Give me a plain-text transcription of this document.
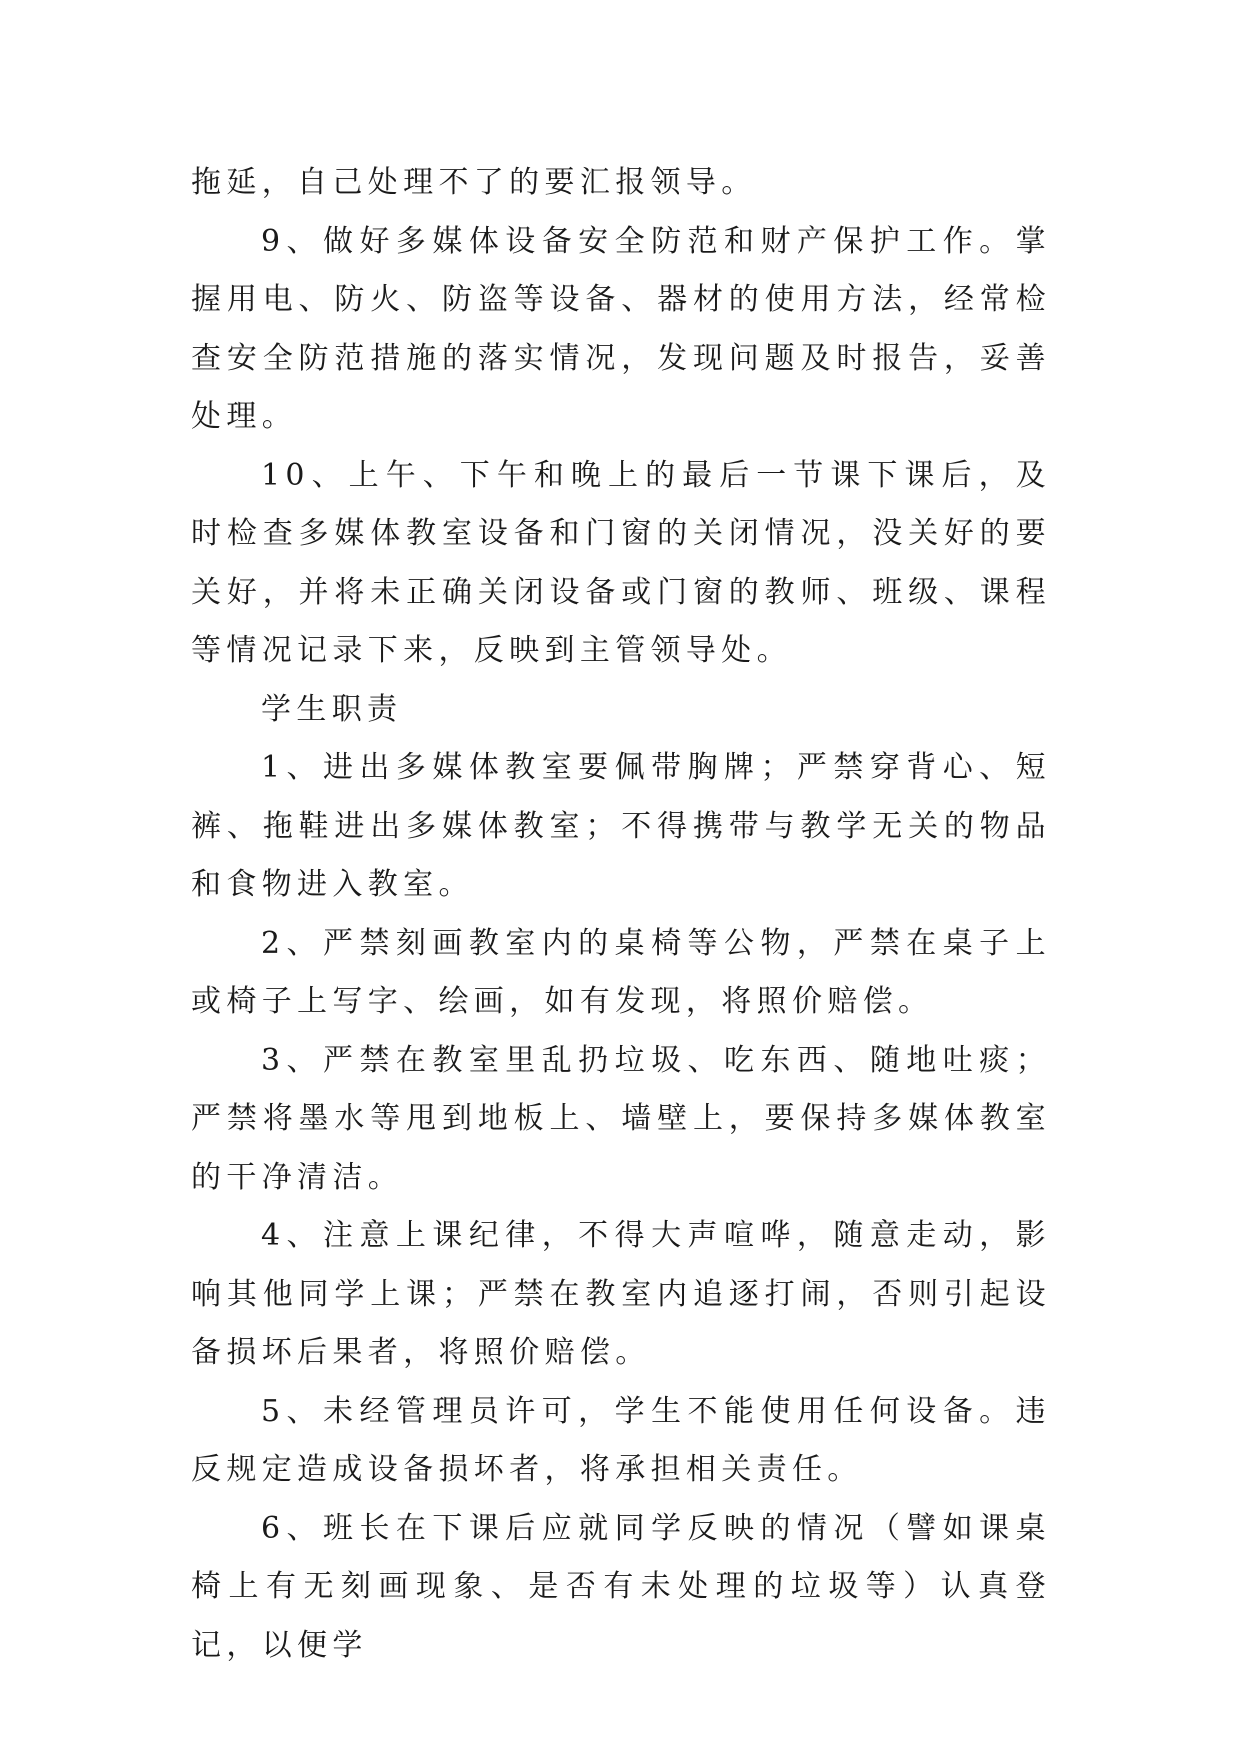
拖延，自己处理不了的要汇报领导。

9、做好多媒体设备安全防范和财产保护工作。掌握用电、防火、防盗等设备、器材的使用方法，经常检查安全防范措施的落实情况，发现问题及时报告，妥善处理。

10、上午、下午和晚上的最后一节课下课后，及时检查多媒体教室设备和门窗的关闭情况，没关好的要关好，并将未正确关闭设备或门窗的教师、班级、课程等情况记录下来，反映到主管领导处。

学生职责

1、进出多媒体教室要佩带胸牌；严禁穿背心、短裤、拖鞋进出多媒体教室；不得携带与教学无关的物品和食物进入教室。

2、严禁刻画教室内的桌椅等公物，严禁在桌子上或椅子上写字、绘画，如有发现，将照价赔偿。

3、严禁在教室里乱扔垃圾、吃东西、随地吐痰；严禁将墨水等甩到地板上、墙壁上，要保持多媒体教室的干净清洁。

4、注意上课纪律，不得大声喧哗，随意走动，影响其他同学上课；严禁在教室内追逐打闹，否则引起设备损坏后果者，将照价赔偿。

5、未经管理员许可，学生不能使用任何设备。违反规定造成设备损坏者，将承担相关责任。

6、班长在下课后应就同学反映的情况（譬如课桌椅上有无刻画现象、是否有未处理的垃圾等）认真登记，以便学
